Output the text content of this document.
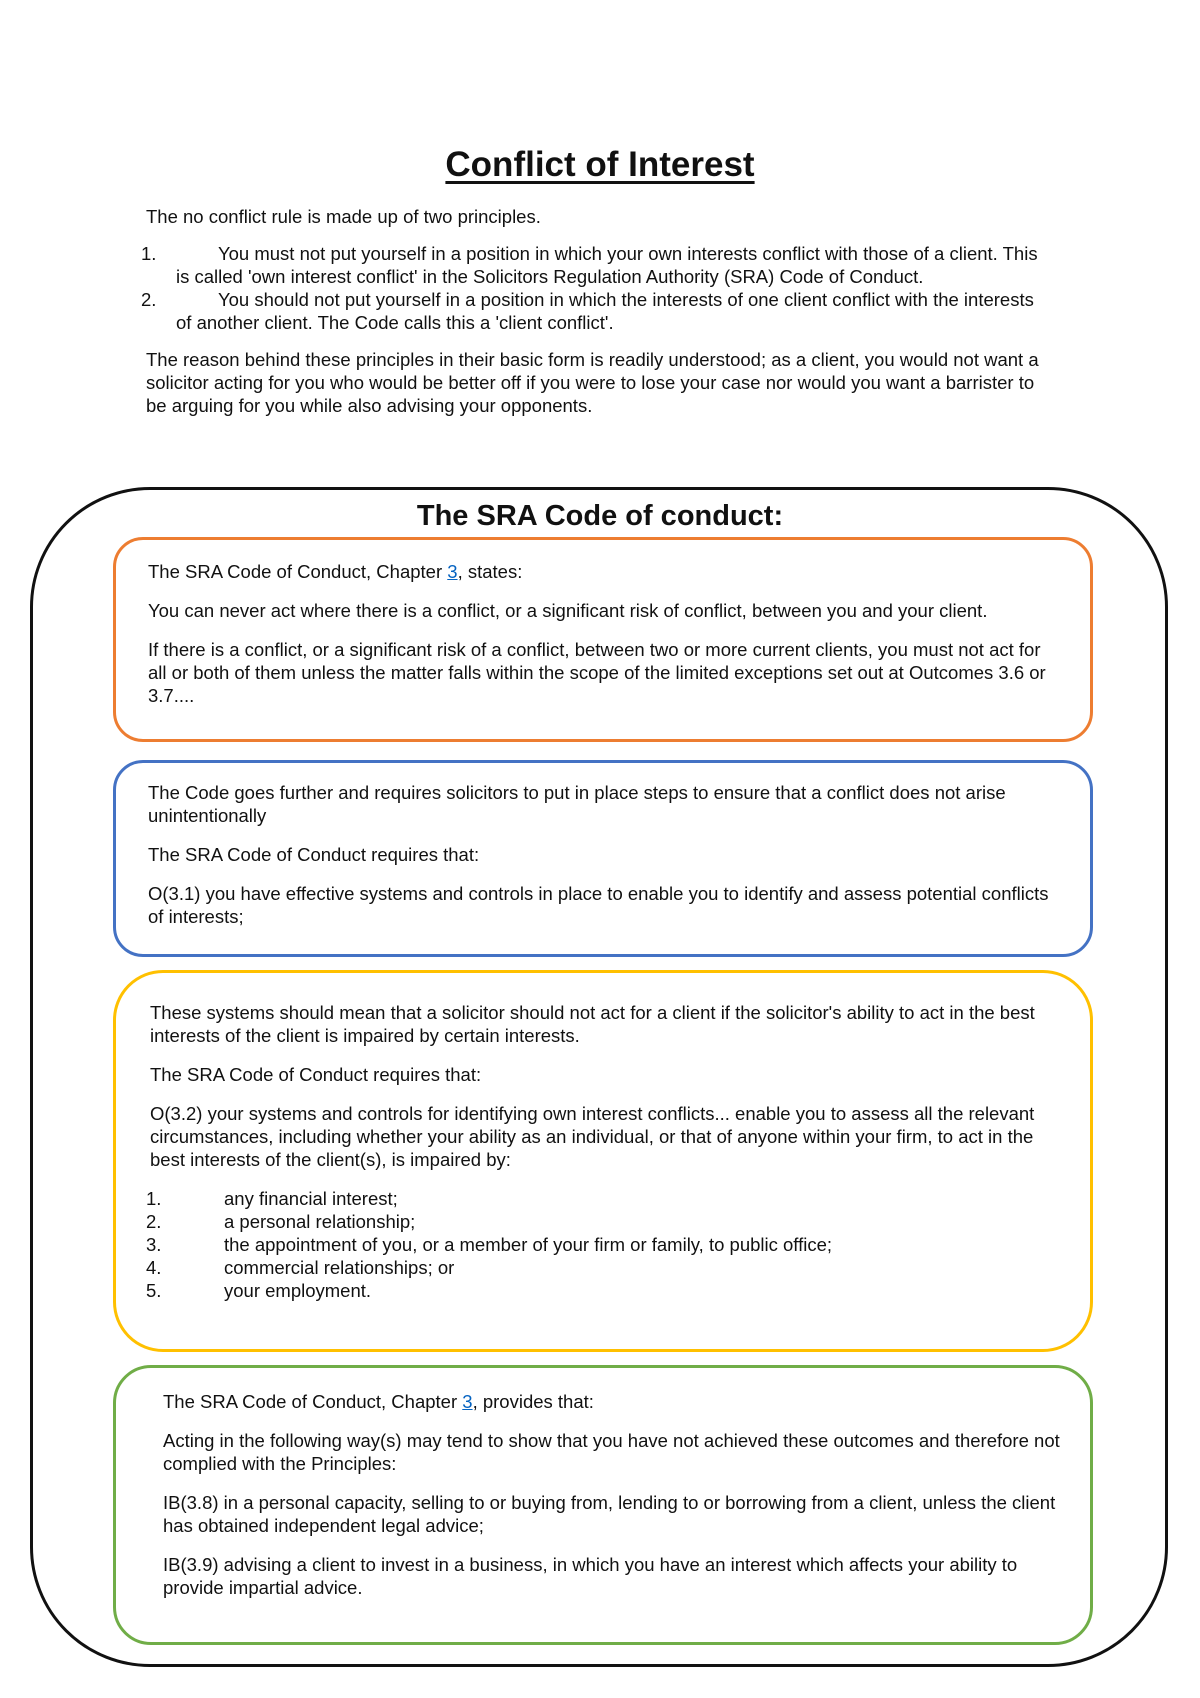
Conflict of Interest

The no conflict rule is made up of two principles.

1.	You must not put yourself in a position in which your own interests conflict with those of a client. This is called 'own interest conflict' in the Solicitors Regulation Authority (SRA) Code of Conduct.
2.	You should not put yourself in a position in which the interests of one client conflict with the interests of another client. The Code calls this a 'client conflict'.

The reason behind these principles in their basic form is readily understood; as a client, you would not want a solicitor acting for you who would be better off if you were to lose your case nor would you want a barrister to be arguing for you while also advising your opponents.

The SRA Code of conduct:

The SRA Code of Conduct, Chapter 3, states:

You can never act where there is a conflict, or a significant risk of conflict, between you and your client.

If there is a conflict, or a significant risk of a conflict, between two or more current clients, you must not act for all or both of them unless the matter falls within the scope of the limited exceptions set out at Outcomes 3.6 or 3.7....

The Code goes further and requires solicitors to put in place steps to ensure that a conflict does not arise unintentionally

The SRA Code of Conduct requires that:

O(3.1) you have effective systems and controls in place to enable you to identify and assess potential conflicts of interests;

These systems should mean that a solicitor should not act for a client if the solicitor's ability to act in the best interests of the client is impaired by certain interests.

The SRA Code of Conduct requires that:

O(3.2) your systems and controls for identifying own interest conflicts... enable you to assess all the relevant circumstances, including whether your ability as an individual, or that of anyone within your firm, to act in the best interests of the client(s), is impaired by:

1.	any financial interest;
2.	a personal relationship;
3.	the appointment of you, or a member of your firm or family, to public office;
4.	commercial relationships; or
5.	your employment.

The SRA Code of Conduct, Chapter 3, provides that:

Acting in the following way(s) may tend to show that you have not achieved these outcomes and therefore not complied with the Principles:

IB(3.8) in a personal capacity, selling to or buying from, lending to or borrowing from a client, unless the client has obtained independent legal advice;

IB(3.9) advising a client to invest in a business, in which you have an interest which affects your ability to provide impartial advice.
